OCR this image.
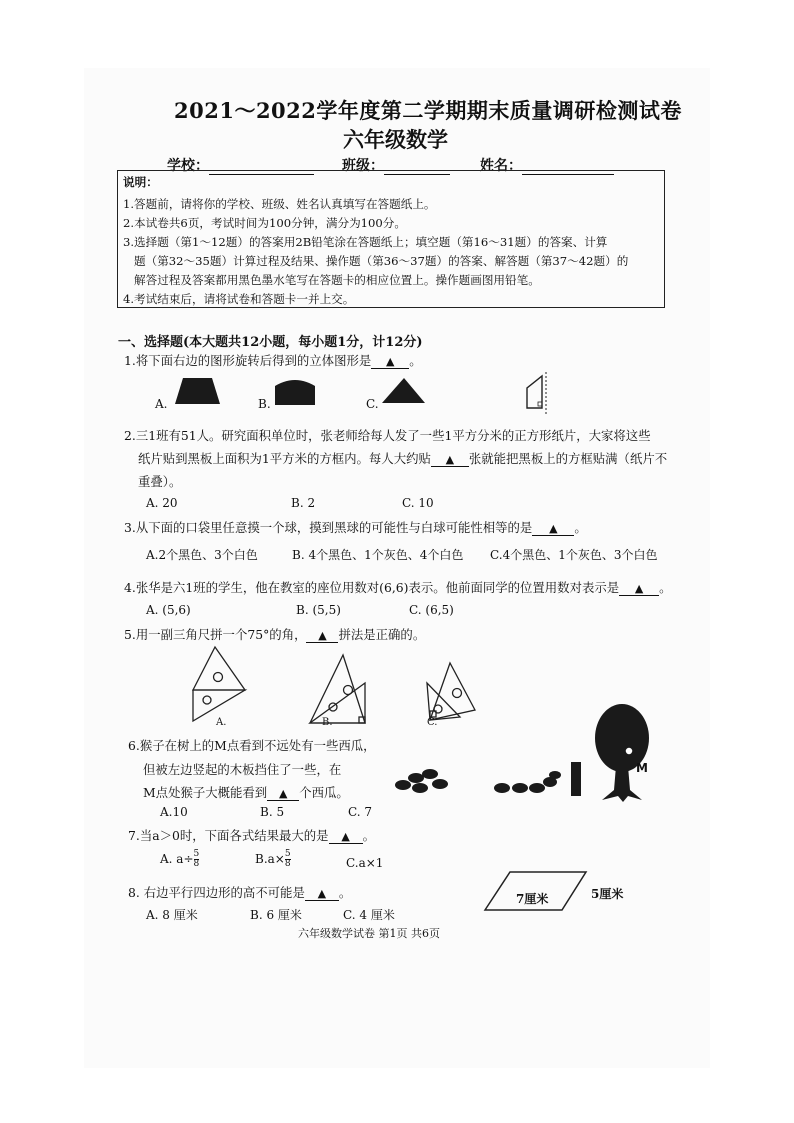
2021～2022学年度第二学期期末质量调研检测试卷
六年级数学
学校：	班级：	姓名：
说明：
1.答题前，请将你的学校、班级、姓名认真填写在答题纸上。
2.本试卷共6页，考试时间为100分钟，满分为100分。
3.选择题（第1～12题）的答案用2B铅笔涂在答题纸上；填空题（第16～31题）的答案、计算
题（第32～35题）计算过程及结果、操作题（第36～37题）的答案、解答题（第37～42题）的
解答过程及答案都用黑色墨水笔写在答题卡的相应位置上。操作题画图用铅笔。
4.考试结束后，请将试卷和答题卡一并上交。
一、选择题(本大题共12小题，每小题1分，计12分)
1.将下面右边的图形旋转后得到的立体图形是 ▲ 。
A.	B.	C.
2.三1班有51人。研究面积单位时，张老师给每人发了一些1平方分米的正方形纸片，大家将这些
纸片贴到黑板上面积为1平方米的方框内。每人大约贴 ▲ 张就能把黑板上的方框贴满（纸片不
重叠）。
A. 20	B. 2	C. 10
3.从下面的口袋里任意摸一个球，摸到黑球的可能性与白球可能性相等的是 ▲ 。
A.2个黑色、3个白色	B. 4个黑色、1个灰色、4个白色 C.4个黑色、1个灰色、3个白色
4.张华是六1班的学生，他在教室的座位用数对(6,6)表示。他前面同学的位置用数对表示是 ▲ 。
A. (5,6)	B. (5,5)	C. (6,5)
5.用一副三角尺拼一个75°的角， ▲ 拼法是正确的。
A.	B.	C.
6.猴子在树上的M点看到不远处有一些西瓜，
但被左边竖起的木板挡住了一些，在
M点处猴子大概能看到 ▲ 个西瓜。
A.10	B. 5	C. 7
M
7.当a＞0时，下面各式结果最大的是 ▲ 。
A. $a\div \frac{5}{8}$	$B.a\times \frac{5}{8}$	C.a×1
8. 右边平行四边形的高不可能是 ▲ 。
A. 8 厘米	B. 6 厘米	C. 4 厘米
7厘米	5厘米
六年级数学试卷 第1页 共6页
